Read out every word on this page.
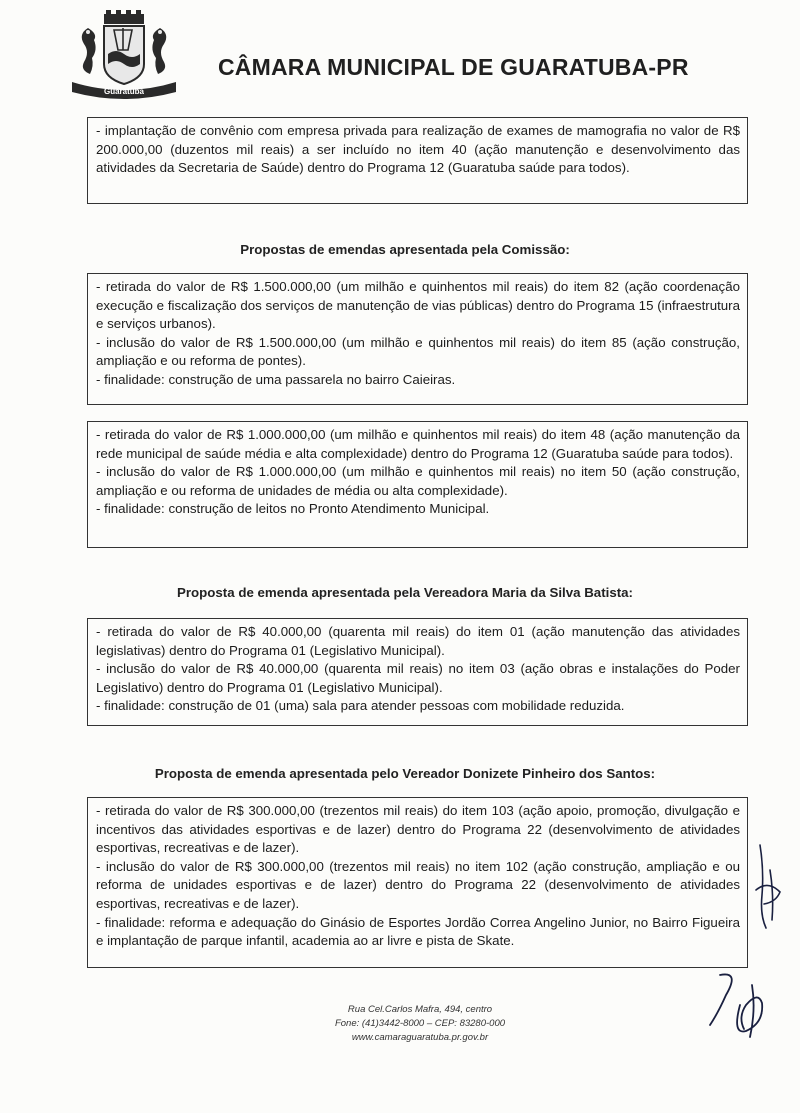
Guaratuba
CÂMARA MUNICIPAL DE GUARATUBA-PR

- implantação de convênio com empresa privada para realização de exames de mamografia no valor de R$ 200.000,00 (duzentos mil reais) a ser incluído no item 40 (ação manutenção e desenvolvimento das atividades da Secretaria de Saúde) dentro do Programa 12 (Guaratuba saúde para todos).

Propostas de emendas apresentada pela Comissão:

- retirada do valor de R$ 1.500.000,00 (um milhão e quinhentos mil reais) do item 82 (ação coordenação execução e fiscalização dos serviços de manutenção de vias públicas) dentro do Programa 15 (infraestrutura e serviços urbanos).

- inclusão do valor de R$ 1.500.000,00 (um milhão e quinhentos mil reais) do item 85 (ação construção, ampliação e ou reforma de pontes).

- finalidade: construção de uma passarela no bairro Caieiras.

- retirada do valor de R$ 1.000.000,00 (um milhão e quinhentos mil reais) do item 48 (ação manutenção da rede municipal de saúde média e alta complexidade) dentro do Programa 12 (Guaratuba saúde para todos).

- inclusão do valor de R$ 1.000.000,00 (um milhão e quinhentos mil reais) no item 50 (ação construção, ampliação e ou reforma de unidades de média ou alta complexidade).

- finalidade: construção de leitos no Pronto Atendimento Municipal.

Proposta de emenda apresentada pela Vereadora Maria da Silva Batista:

- retirada do valor de R$ 40.000,00 (quarenta mil reais) do item 01 (ação manutenção das atividades legislativas) dentro do Programa 01 (Legislativo Municipal).

- inclusão do valor de R$ 40.000,00 (quarenta mil reais) no item 03 (ação obras e instalações do Poder Legislativo) dentro do Programa 01 (Legislativo Municipal).

- finalidade: construção de 01 (uma) sala para atender pessoas com mobilidade reduzida.

Proposta de emenda apresentada pelo Vereador Donizete Pinheiro dos Santos:

- retirada do valor de R$ 300.000,00 (trezentos mil reais) do item 103 (ação apoio, promoção, divulgação e incentivos das atividades esportivas e de lazer) dentro do Programa 22 (desenvolvimento de atividades esportivas, recreativas e de lazer).

- inclusão do valor de R$ 300.000,00 (trezentos mil reais) no item 102 (ação construção, ampliação e ou reforma de unidades esportivas e de lazer) dentro do Programa 22 (desenvolvimento de atividades esportivas, recreativas e de lazer).

- finalidade: reforma e adequação do Ginásio de Esportes Jordão Correa Angelino Junior, no Bairro Figueira e implantação de parque infantil, academia ao ar livre e pista de Skate.

Rua Cel.Carlos Mafra, 494, centro
Fone: (41)3442-8000 – CEP: 83280-000
www.camaraguaratuba.pr.gov.br
